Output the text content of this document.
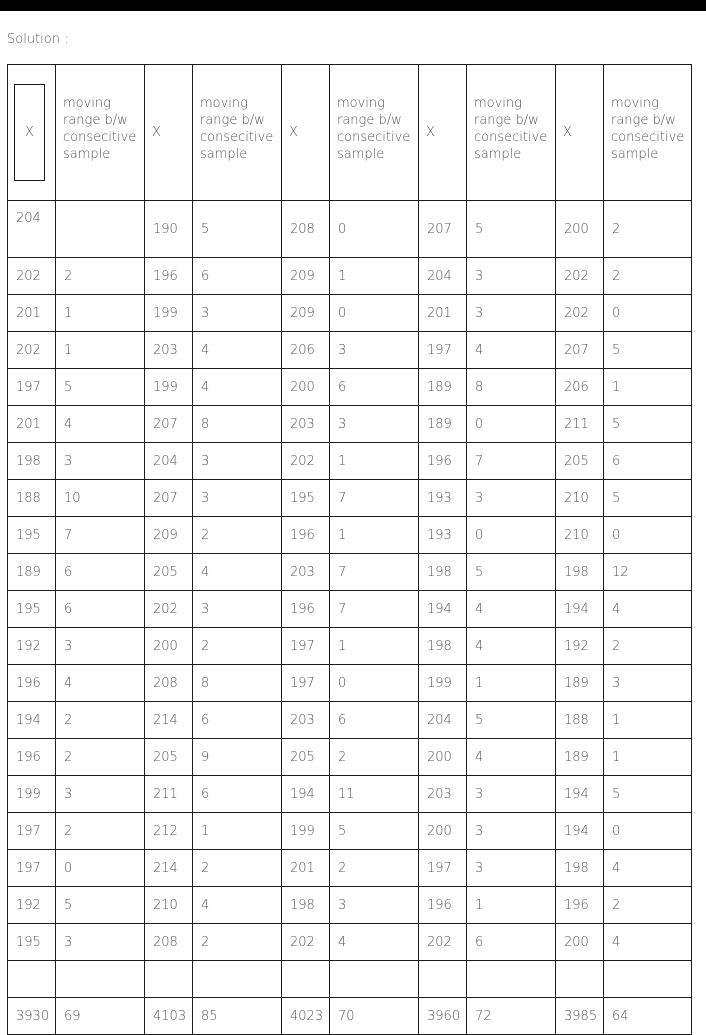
Solution :
X	moving range b/w consecitive sample	X	moving range b/w consecitive sample	X	moving range b/w consecitive sample	X	moving range b/w consecitive sample	X	moving range b/w consecitive sample
204		190	5	208	0	207	5	200	2
202	2	196	6	209	1	204	3	202	2
201	1	199	3	209	0	201	3	202	0
202	1	203	4	206	3	197	4	207	5
197	5	199	4	200	6	189	8	206	1
201	4	207	8	203	3	189	0	211	5
198	3	204	3	202	1	196	7	205	6
188	10	207	3	195	7	193	3	210	5
195	7	209	2	196	1	193	0	210	0
189	6	205	4	203	7	198	5	198	12
195	6	202	3	196	7	194	4	194	4
192	3	200	2	197	1	198	4	192	2
196	4	208	8	197	0	199	1	189	3
194	2	214	6	203	6	204	5	188	1
196	2	205	9	205	2	200	4	189	1
199	3	211	6	194	11	203	3	194	5
197	2	212	1	199	5	200	3	194	0
197	0	214	2	201	2	197	3	198	4
192	5	210	4	198	3	196	1	196	2
195	3	208	2	202	4	202	6	200	4

3930	69	4103	85	4023	70	3960	72	3985	64
